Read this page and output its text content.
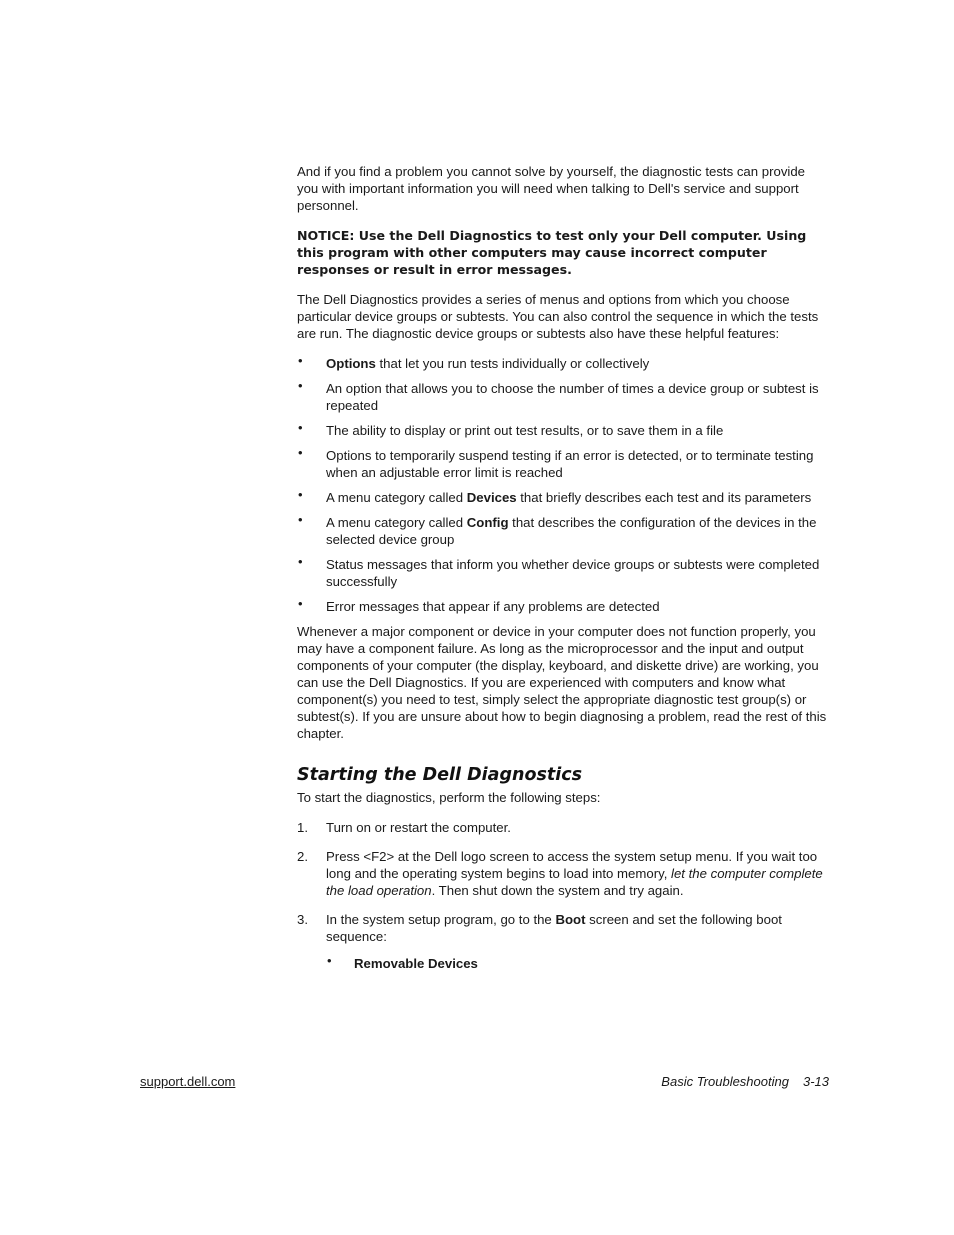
And if you find a problem you cannot solve by yourself, the diagnostic tests can provide you with important information you will need when talking to Dell's service and support personnel.

NOTICE: Use the Dell Diagnostics to test only your Dell computer. Using this program with other computers may cause incorrect computer responses or result in error messages.

The Dell Diagnostics provides a series of menus and options from which you choose particular device groups or subtests. You can also control the sequence in which the tests are run. The diagnostic device groups or subtests also have these helpful features:

• Options that let you run tests individually or collectively
• An option that allows you to choose the number of times a device group or subtest is repeated
• The ability to display or print out test results, or to save them in a file
• Options to temporarily suspend testing if an error is detected, or to terminate testing when an adjustable error limit is reached
• A menu category called Devices that briefly describes each test and its parameters
• A menu category called Config that describes the configuration of the devices in the selected device group
• Status messages that inform you whether device groups or subtests were completed successfully
• Error messages that appear if any problems are detected

Whenever a major component or device in your computer does not function properly, you may have a component failure. As long as the microprocessor and the input and output components of your computer (the display, keyboard, and diskette drive) are working, you can use the Dell Diagnostics. If you are experienced with computers and know what component(s) you need to test, simply select the appropriate diagnostic test group(s) or subtest(s). If you are unsure about how to begin diagnosing a problem, read the rest of this chapter.

Starting the Dell Diagnostics

To start the diagnostics, perform the following steps:

1. Turn on or restart the computer.
2. Press <F2> at the Dell logo screen to access the system setup menu. If you wait too long and the operating system begins to load into memory, let the computer complete the load operation. Then shut down the system and try again.
3. In the system setup program, go to the Boot screen and set the following boot sequence:
• Removable Devices
support.dell.com	Basic Troubleshooting 3-13
